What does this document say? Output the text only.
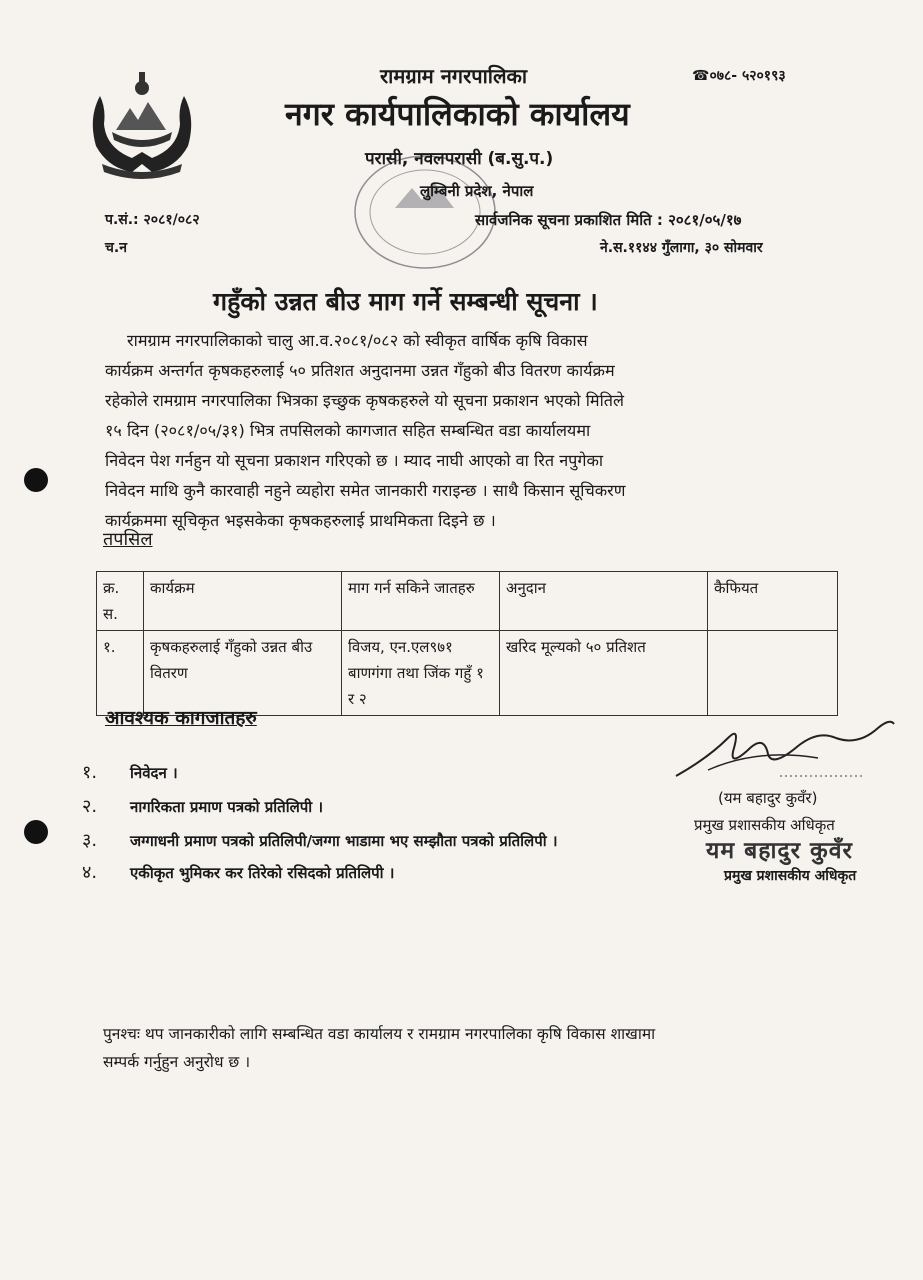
रामग्राम नगरपालिका
नगर कार्यपालिकाको कार्यालय
परासी, नवलपरासी (ब.सु.प.)
लुम्बिनी प्रदेश, नेपाल
☎०७८- ५२०१९३
प.सं.: २०८१/०८२
च.न
सार्वजनिक सूचना प्रकाशित मिति : २०८१/०५/१७
ने.स.११४४ गुँलागा, ३० सोमवार
गहुँको उन्नत बीउ माग गर्ने सम्बन्धी सूचना ।
रामग्राम नगरपालिकाको चालु आ.व.२०८१/०८२ को स्वीकृत वार्षिक कृषि विकास
कार्यक्रम अन्तर्गत कृषकहरुलाई ५० प्रतिशत अनुदानमा उन्नत गँहुको बीउ वितरण कार्यक्रम
रहेकोले रामग्राम नगरपालिका भित्रका इच्छुक कृषकहरुले यो सूचना प्रकाशन भएको मितिले
१५ दिन (२०८१/०५/३१) भित्र तपसिलको कागजात सहित सम्बन्धित वडा कार्यालयमा
निवेदन पेश गर्नहुन यो सूचना प्रकाशन गरिएको छ । म्याद नाघी आएको वा रित नपुगेका
निवेदन माथि कुनै कारवाही नहुने व्यहोरा समेत जानकारी गराइन्छ । साथै किसान सूचिकरण
कार्यक्रममा सूचिकृत भइसकेका कृषकहरुलाई प्राथमिकता दिइने छ ।
तपसिल
क्र. स.	कार्यक्रम	माग गर्न सकिने जातहरु	अनुदान	कैफियत
१.	कृषकहरुलाई गँहुको उन्नत बीउ वितरण	विजय, एन.एल९७१ बाणगंगा तथा जिंक गहुँ १ र २	खरिद मूल्यको ५० प्रतिशत	
आवश्यक कागजातहरु
१. निवेदन ।
२. नागरिकता प्रमाण पत्रको प्रतिलिपी ।
३. जग्गाधनी प्रमाण पत्रको प्रतिलिपी/जग्गा भाडामा भए सम्झौता पत्रको प्रतिलिपी ।
४. एकीकृत भुमिकर कर तिरेको रसिदको प्रतिलिपी ।
(यम बहादुर कुवँर)
प्रमुख प्रशासकीय अधिकृत
यम बहादुर कुवँर
प्रमुख प्रशासकीय अधिकृत
पुनश्चः थप जानकारीको लागि सम्बन्धित वडा कार्यालय र रामग्राम नगरपालिका कृषि विकास शाखामा
सम्पर्क गर्नुहुन अनुरोध छ ।
